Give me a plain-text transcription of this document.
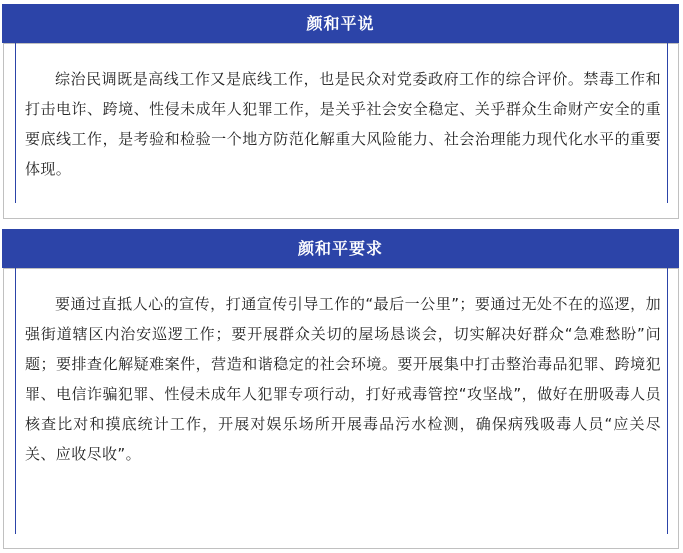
颜和平说

综治民调既是高线工作又是底线工作，也是民众对党委政府工作的综合评价。禁毒工作和打击电诈、跨境、性侵未成年人犯罪工作，是关乎社会安全稳定、关乎群众生命财产安全的重要底线工作，是考验和检验一个地方防范化解重大风险能力、社会治理能力现代化水平的重要体现。

颜和平要求

要通过直抵人心的宣传，打通宣传引导工作的“最后一公里”；要通过无处不在的巡逻，加强街道辖区内治安巡逻工作；要开展群众关切的屋场恳谈会，切实解决好群众“急难愁盼”问题；要排查化解疑难案件，营造和谐稳定的社会环境。要开展集中打击整治毒品犯罪、跨境犯罪、电信诈骗犯罪、性侵未成年人犯罪专项行动，打好戒毒管控“攻坚战”，做好在册吸毒人员核查比对和摸底统计工作，开展对娱乐场所开展毒品污水检测，确保病残吸毒人员“应关尽关、应收尽收”。
